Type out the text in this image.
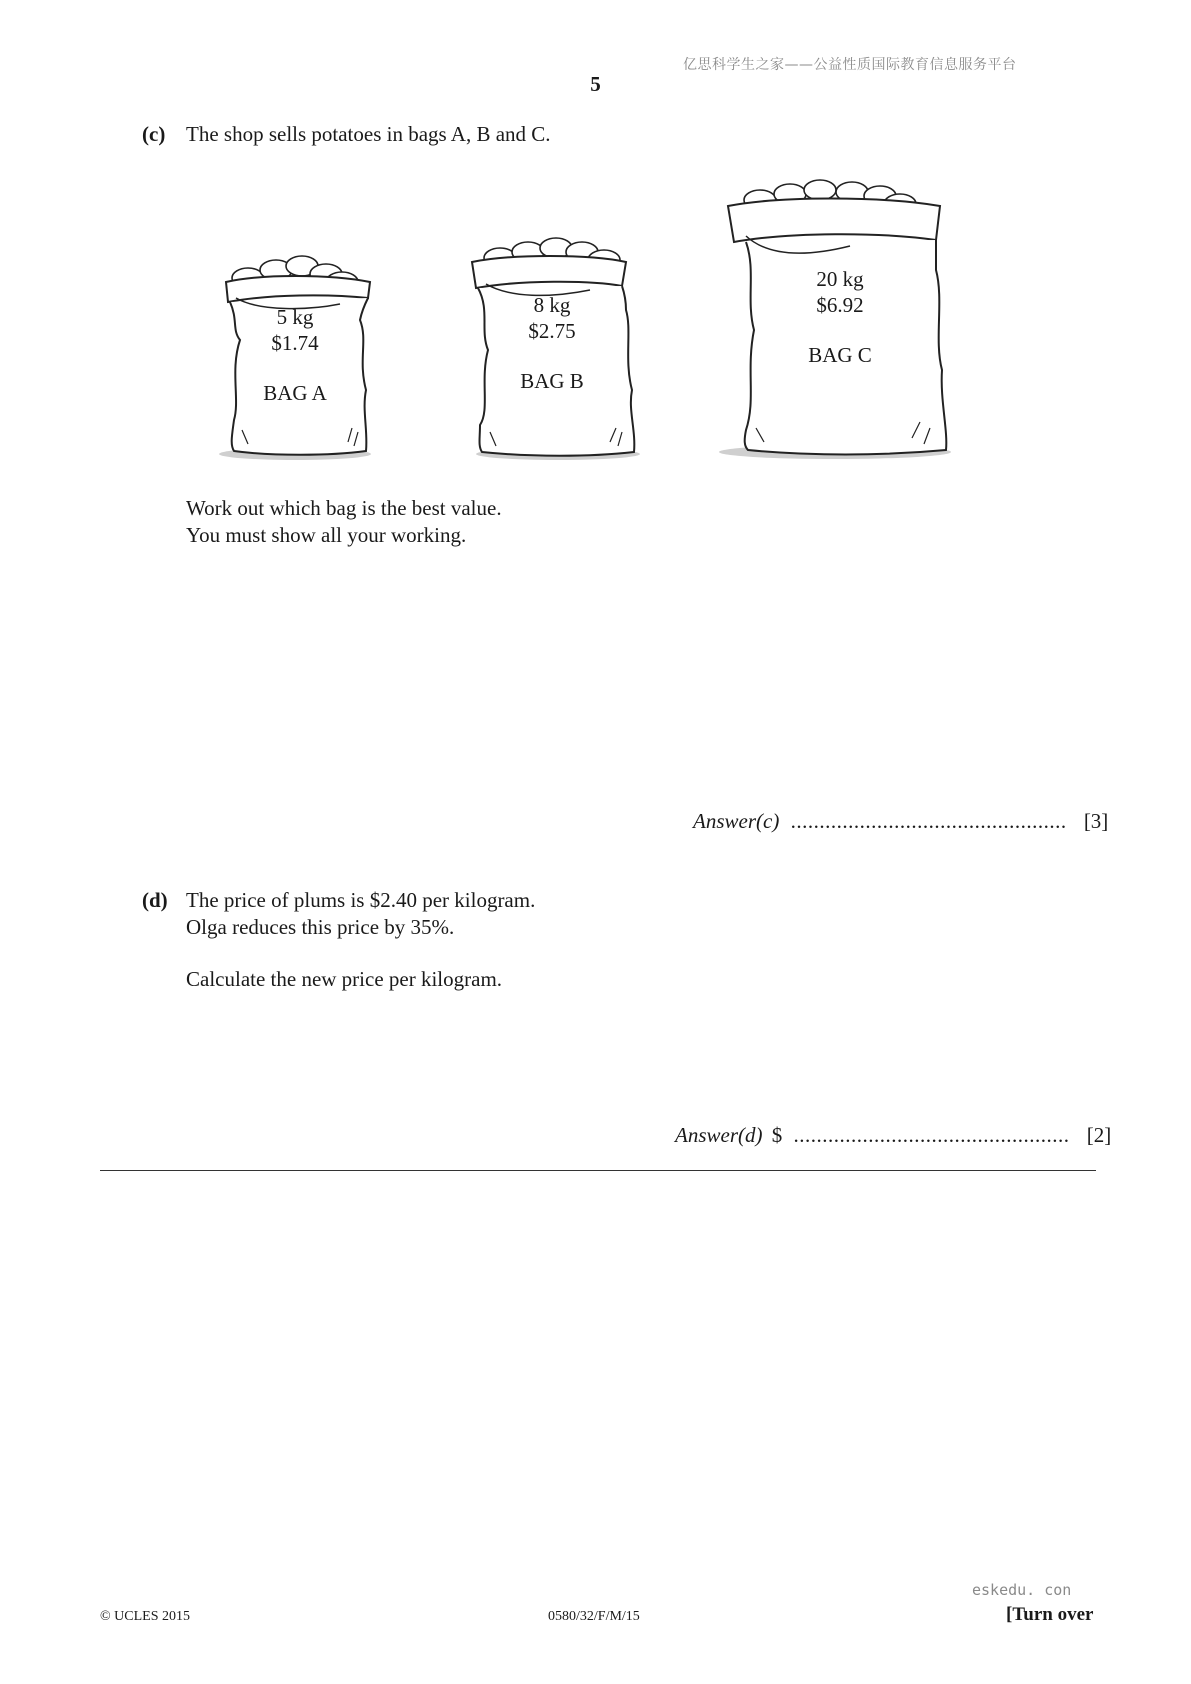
亿思科学生之家——公益性质国际教育信息服务平台
5
(c) The shop sells potatoes in bags A, B and C.
5 kg
$1.74
BAG A
8 kg
$2.75
BAG B
20 kg
$6.92
BAG C
Work out which bag is the best value.
You must show all your working.
Answer(c) ................................................ [3]
(d) The price of plums is $2.40 per kilogram.
Olga reduces this price by 35%.
Calculate the new price per kilogram.
Answer(d) $ ................................................ [2]
© UCLES 2015	0580/32/F/M/15
eskedu. con
[Turn over
